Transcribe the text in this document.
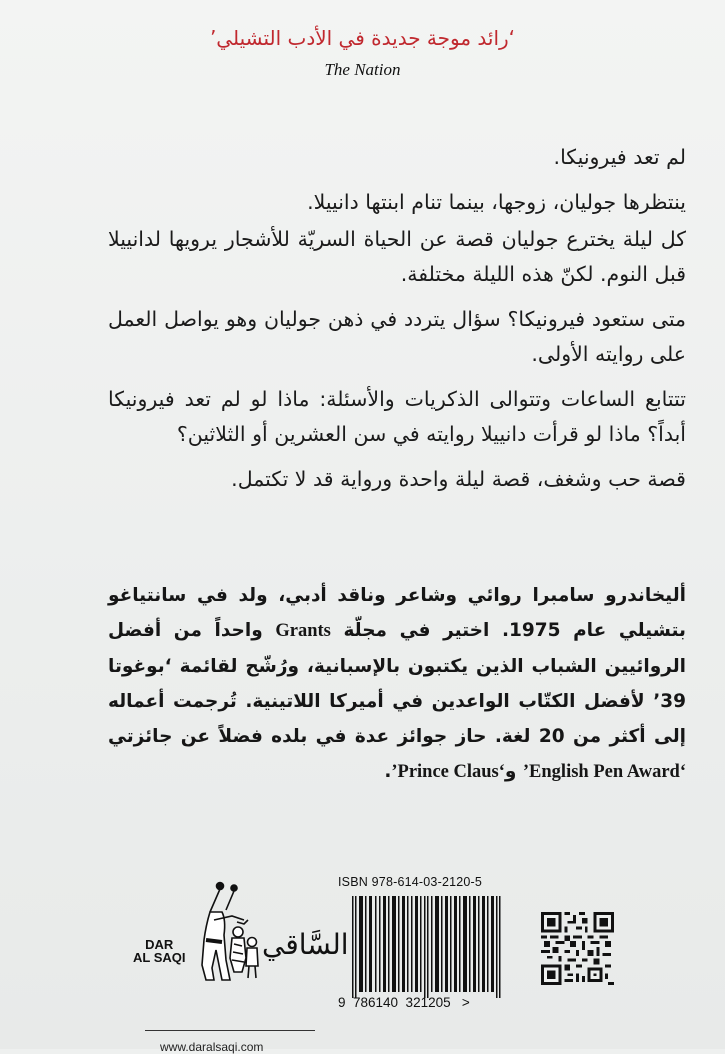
‘رائد موجة جديدة في الأدب التشيلي’
The Nation

لم تعد فيرونيكا.

ينتظرها جوليان، زوجها، بينما تنام ابنتها دانييلا.

كل ليلة يخترع جوليان قصة عن الحياة السريّة للأشجار يرويها لدانييلا قبل النوم. لكنّ هذه الليلة مختلفة.

متى ستعود فيرونيكا؟ سؤال يتردد في ذهن جوليان وهو يواصل العمل على روايته الأولى.

تتتابع الساعات وتتوالى الذكريات والأسئلة: ماذا لو لم تعد فيرونيكا أبداً؟ ماذا لو قرأت دانييلا روايته في سن العشرين أو الثلاثين؟

قصة حب وشغف، قصة ليلة واحدة ورواية قد لا تكتمل.

أليخاندرو سامبرا روائي وشاعر وناقد أدبي، ولد في سانتياغو بتشيلي عام 1975. اختير في مجلّة Grants واحداً من أفضل الروائيين الشباب الذين يكتبون بالإسبانية، ورُشّح لقائمة ‘بوغوتا 39’ لأفضل الكتّاب الواعدين في أميركا اللاتينية. تُرجمت أعماله إلى أكثر من 20 لغة. حاز جوائز عدة في بلده فضلاً عن جائزتي ‘English Pen Award’ و‘Prince Claus’.
DAR
AL SAQI	السَّاقي
www.daralsaqi.com
ISBN 978-614-03-2120-5
9  786140  321205   >
